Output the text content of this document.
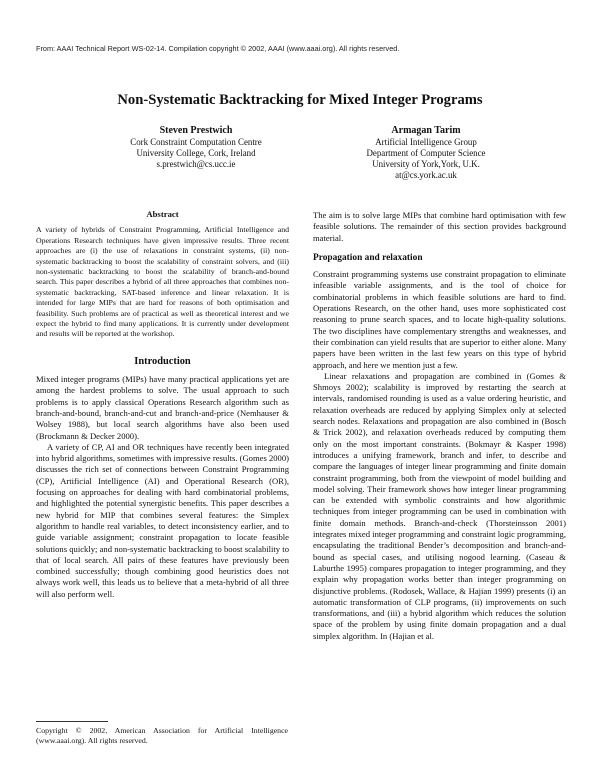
From: AAAI Technical Report WS-02-14. Compilation copyright © 2002, AAAI (www.aaai.org). All rights reserved.
Non-Systematic Backtracking for Mixed Integer Programs
Steven Prestwich
Cork Constraint Computation Centre
University College, Cork, Ireland
s.prestwich@cs.ucc.ie
Armagan Tarim
Artificial Intelligence Group
Department of Computer Science
University of York,York, U.K.
at@cs.york.ac.uk

Abstract

A variety of hybrids of Constraint Programming, Artificial Intelligence and Operations Research techniques have given impressive results. Three recent approaches are (i) the use of relaxations in constraint systems, (ii) non-systematic backtracking to boost the scalability of constraint solvers, and (iii) non-systematic backtracking to boost the scalability of branch-and-bound search. This paper describes a hybrid of all three approaches that combines non-systematic backtracking, SAT-based inference and linear relaxation. It is intended for large MIPs that are hard for reasons of both optimisation and feasibility. Such problems are of practical as well as theoretical interest and we expect the hybrid to find many applications. It is currently under development and results will be reported at the workshop.

Introduction

Mixed integer programs (MIPs) have many practical applications yet are among the hardest problems to solve. The usual approach to such problems is to apply classical Operations Research algorithm such as branch-and-bound, branch-and-cut and branch-and-price (Nemhauser & Wolsey 1988), but local search algorithms have also been used (Brockmann & Decker 2000).

A variety of CP, AI and OR techniques have recently been integrated into hybrid algorithms, sometimes with impressive results. (Gomes 2000) discusses the rich set of connections between Constraint Programming (CP), Artificial Intelligence (AI) and Operational Research (OR), focusing on approaches for dealing with hard combinatorial problems, and highlighted the potential synergistic benefits. This paper describes a new hybrid for MIP that combines several features: the Simplex algorithm to handle real variables, to detect inconsistency earlier, and to guide variable assignment; constraint propagation to locate feasible solutions quickly; and non-systematic backtracking to boost scalability to that of local search. All pairs of these features have previously been combined successfully; though combining good heuristics does not always work well, this leads us to believe that a meta-hybrid of all three will also perform well.

Copyright © 2002, American Association for Artificial Intelligence (www.aaai.org). All rights reserved.

The aim is to solve large MIPs that combine hard optimisation with few feasible solutions. The remainder of this section provides background material.

Propagation and relaxation

Constraint programming systems use constraint propagation to eliminate infeasible variable assignments, and is the tool of choice for combinatorial problems in which feasible solutions are hard to find. Operations Research, on the other hand, uses more sophisticated cost reasoning to prune search spaces, and to locate high-quality solutions. The two disciplines have complementary strengths and weaknesses, and their combination can yield results that are superior to either alone. Many papers have been written in the last few years on this type of hybrid approach, and here we mention just a few.

Linear relaxations and propagation are combined in (Gomes & Shmoys 2002); scalability is improved by restarting the search at intervals, randomised rounding is used as a value ordering heuristic, and relaxation overheads are reduced by applying Simplex only at selected search nodes. Relaxations and propagation are also combined in (Bosch & Trick 2002), and relaxation overheads reduced by computing them only on the most important constraints. (Bokmayr & Kasper 1998) introduces a unifying framework, branch and infer, to describe and compare the languages of integer linear programming and finite domain constraint programming, both from the viewpoint of model building and model solving. Their framework shows how integer linear programming can be extended with symbolic constraints and how algorithmic techniques from integer programming can be used in combination with finite domain methods. Branch-and-check (Thorsteinsson 2001) integrates mixed integer programming and constraint logic programming, encapsulating the traditional Bender’s decomposition and branch-and-bound as special cases, and utilising nogood learning. (Caseau & Laburthe 1995) compares propagation to integer programming, and they explain why propagation works better than integer programming on disjunctive problems. (Rodosek, Wallace, & Hajian 1999) presents (i) an automatic transformation of CLP programs, (ii) improvements on such transformations, and (iii) a hybrid algorithm which reduces the solution space of the problem by using finite domain propagation and a dual simplex algorithm. In (Hajian et al.
